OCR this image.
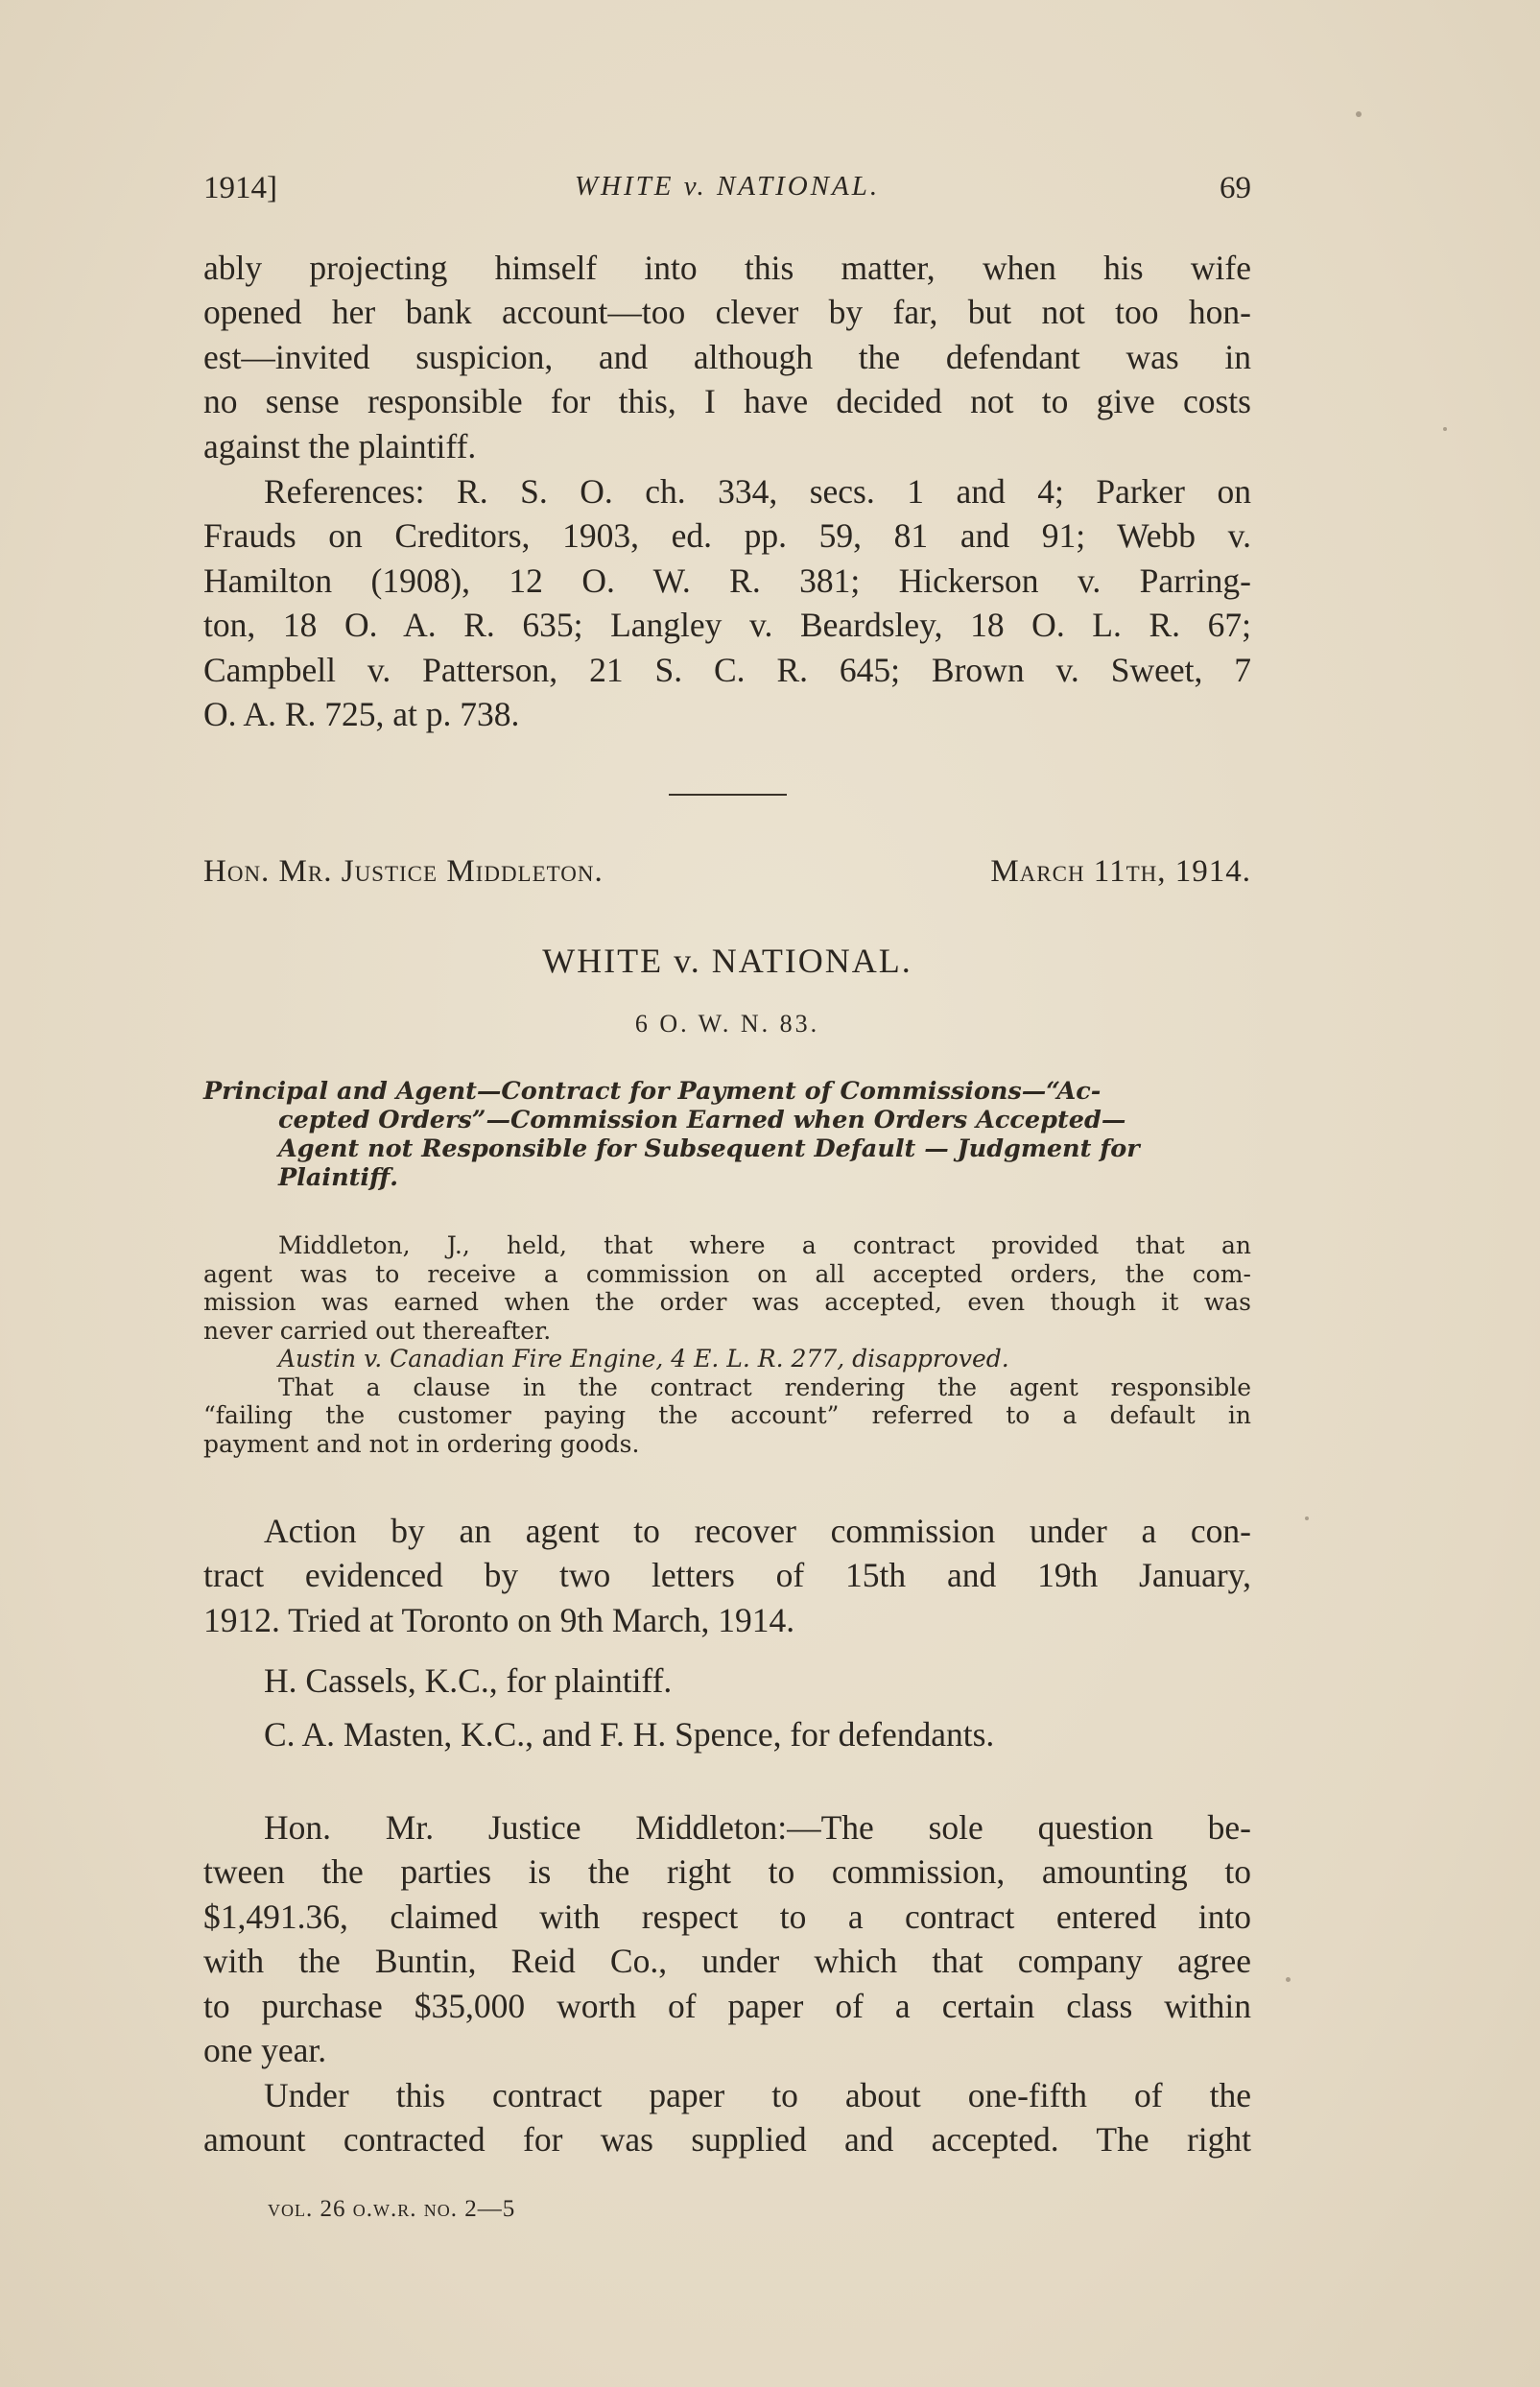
1914]	WHITE v. NATIONAL.	69

ably projecting himself into this matter, when his wife

opened her bank account—too clever by far, but not too hon-

est—invited suspicion, and although the defendant was in

no sense responsible for this, I have decided not to give costs

against the plaintiff.

References: R. S. O. ch. 334, secs. 1 and 4; Parker on

Frauds on Creditors, 1903, ed. pp. 59, 81 and 91; Webb v.

Hamilton (1908), 12 O. W. R. 381; Hickerson v. Parring-

ton, 18 O. A. R. 635; Langley v. Beardsley, 18 O. L. R. 67;

Campbell v. Patterson, 21 S. C. R. 645; Brown v. Sweet, 7

O. A. R. 725, at p. 738.

Hon. Mr. Justice Middleton.	March 11th, 1914.
WHITE v. NATIONAL.
6 O. W. N. 83.
Principal and Agent—Contract for Payment of Commissions—“Ac-
cepted Orders”—Commission Earned when Orders Accepted—
Agent not Responsible for Subsequent Default — Judgment for
Plaintiff.
Middleton, J., held, that where a contract provided that an
agent was to receive a commission on all accepted orders, the com-
mission was earned when the order was accepted, even though it was
never carried out thereafter.
Austin v. Canadian Fire Engine, 4 E. L. R. 277, disapproved.
That a clause in the contract rendering the agent responsible
“failing the customer paying the account” referred to a default in
payment and not in ordering goods.

Action by an agent to recover commission under a con-

tract evidenced by two letters of 15th and 19th January,

1912. Tried at Toronto on 9th March, 1914.

H. Cassels, K.C., for plaintiff.

C. A. Masten, K.C., and F. H. Spence, for defendants.

Hon. Mr. Justice Middleton:—The sole question be-

tween the parties is the right to commission, amounting to

$1,491.36, claimed with respect to a contract entered into

with the Buntin, Reid Co., under which that company agree

to purchase $35,000 worth of paper of a certain class within

one year.

Under this contract paper to about one-fifth of the

amount contracted for was supplied and accepted. The right

vol. 26 o.w.r. no. 2—5
